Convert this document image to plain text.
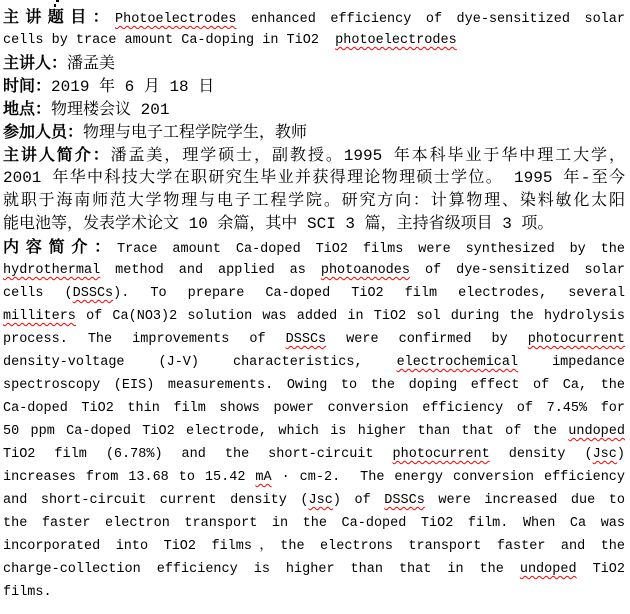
主讲题目：Photoelectrodes enhanced efficiency of dye-sensitized solar
cells by trace amount Ca-doping in TiO2  photoelectrodes
主讲人：潘孟美
时间：2019 年 6 月 18 日
地点：物理楼会议 201
参加人员：物理与电子工程学院学生，教师
主讲人简介：潘孟美，理学硕士，副教授。1995 年本科毕业于华中理工大学，
2001 年华中科技大学在职研究生毕业并获得理论物理硕士学位。 1995 年-至今
就职于海南师范大学物理与电子工程学院。研究方向：计算物理、染料敏化太阳
能电池等，发表学术论文 10 余篇，其中 SCI 3 篇，主持省级项目 3 项。
内容简介：Trace amount Ca-doped TiO2 films were synthesized by the
hydrothermal method and applied as photoanodes of dye-sensitized solar
cells (DSSCs). To prepare Ca-doped TiO2 film electrodes, several
milliters of Ca(NO3)2 solution was added in TiO2 sol during the hydrolysis
process. The improvements of DSSCs were confirmed by photocurrent
density-voltage (J-V) characteristics, electrochemical impedance
spectroscopy (EIS) measurements. Owing to the doping effect of Ca, the
Ca-doped TiO2 thin film shows power conversion efficiency of 7.45% for
50 ppm Ca-doped TiO2 electrode, which is higher than that of the undoped
TiO2 film (6.78%) and the short-circuit photocurrent density (Jsc)
increases from 13.68 to 15.42 mA · cm-2.  The energy conversion efficiency
and short-circuit current density (Jsc) of DSSCs were increased due to
the faster electron transport in the Ca-doped TiO2 film. When Ca was
incorporated into TiO2 films，the electrons transport faster and the
charge-collection efficiency is higher than that in the undoped TiO2
films.
